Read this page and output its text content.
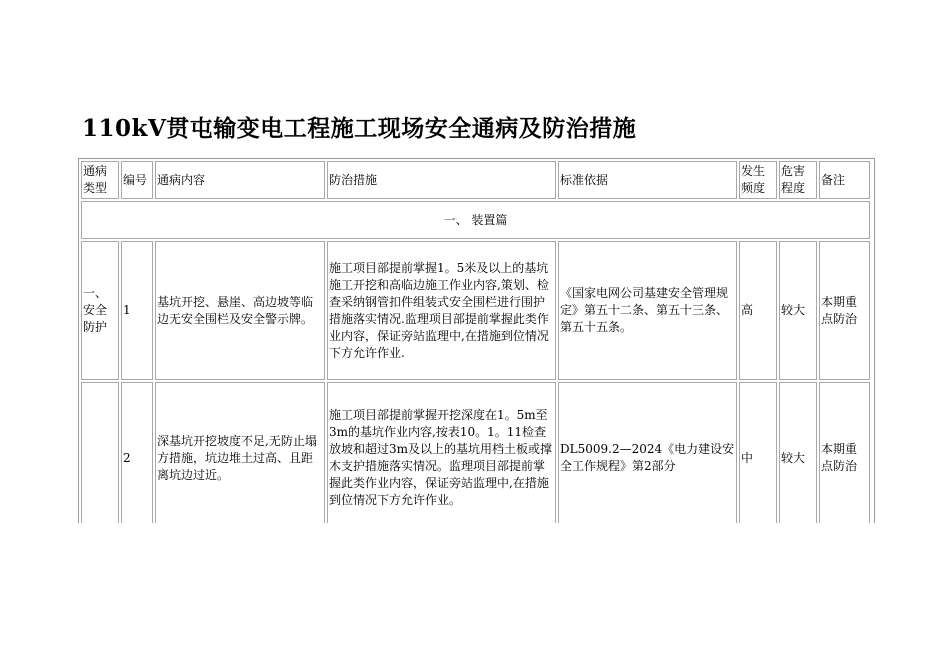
110kV贯屯输变电工程施工现场安全通病及防治措施
通病类型	编号	通病内容	防治措施	标准依据	发生频度	危害程度	备注
一、 装置篇							
一、安全防护	1	基坑开挖、悬崖、高边坡等临边无安全围栏及安全警示牌。	施工项目部提前掌握1。5米及以上的基坑施工开挖和高临边施工作业内容,策划、检查采纳钢管扣件组装式安全围栏进行围护措施落实情况.监理项目部提前掌握此类作业内容，保证旁站监理中,在措施到位情况下方允许作业.	《国家电网公司基建安全管理规定》第五十二条、第五十三条、第五十五条。	高	较大	本期重点防治
	2	深基坑开挖坡度不足,无防止塌方措施，坑边堆土过高、且距离坑边过近。	施工项目部提前掌握开挖深度在1。5m至3m的基坑作业内容,按表10。1。11检查放坡和超过3m及以上的基坑用档土板或撑木支护措施落实情况。监理项目部提前掌握此类作业内容，保证旁站监理中,在措施到位情况下方允许作业。	DL5009.2—2024《电力建设安全工作规程》第2部分	中	较大	本期重点防治
